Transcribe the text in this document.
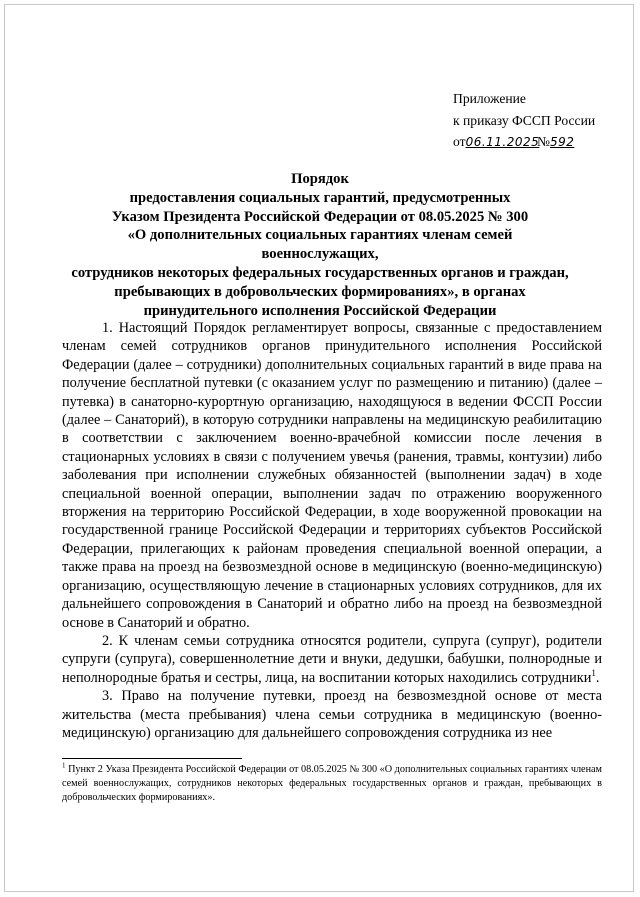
Приложение
к приказу ФССП России
от06.11.2025 №592
Порядок
предоставления социальных гарантий, предусмотренных
Указом Президента Российской Федерации от 08.05.2025 № 300
«О дополнительных социальных гарантиях членам семей военнослужащих,
сотрудников некоторых федеральных государственных органов и граждан,
пребывающих в добровольческих формированиях», в органах
принудительного исполнения Российской Федерации

1. Настоящий Порядок регламентирует вопросы, связанные с предоставлением членам семей сотрудников органов принудительного исполнения Российской Федерации (далее – сотрудники) дополнительных социальных гарантий в виде права на получение бесплатной путевки (с оказанием услуг по размещению и питанию) (далее – путевка) в санаторно-курортную организацию, находящуюся в ведении ФССП России (далее – Санаторий), в которую сотрудники направлены на медицинскую реабилитацию в соответствии с заключением военно-врачебной комиссии после лечения в стационарных условиях в связи с получением увечья (ранения, травмы, контузии) либо заболевания при исполнении служебных обязанностей (выполнении задач) в ходе специальной военной операции, выполнении задач по отражению вооруженного вторжения на территорию Российской Федерации, в ходе вооруженной провокации на государственной границе Российской Федерации и территориях субъектов Российской Федерации, прилегающих к районам проведения специальной военной операции, а также права на проезд на безвозмездной основе в медицинскую (военно-медицинскую) организацию, осуществляющую лечение в стационарных условиях сотрудников, для их дальнейшего сопровождения в Санаторий и обратно либо на проезд на безвозмездной основе в Санаторий и обратно.

2. К членам семьи сотрудника относятся родители, супруга (супруг), родители супруги (супруга), совершеннолетние дети и внуки, дедушки, бабушки, полнородные и неполнородные братья и сестры, лица, на воспитании которых находились сотрудники$^1$.

3. Право на получение путевки, проезд на безвозмездной основе от места жительства (места пребывания) члена семьи сотрудника в медицинскую (военно-медицинскую) организацию для дальнейшего сопровождения сотрудника из нее

$^1$ Пункт 2 Указа Президента Российской Федерации от 08.05.2025 № 300 «О дополнительных социальных гарантиях членам семей военнослужащих, сотрудников некоторых федеральных государственных органов и граждан, пребывающих в добровольческих формированиях».
